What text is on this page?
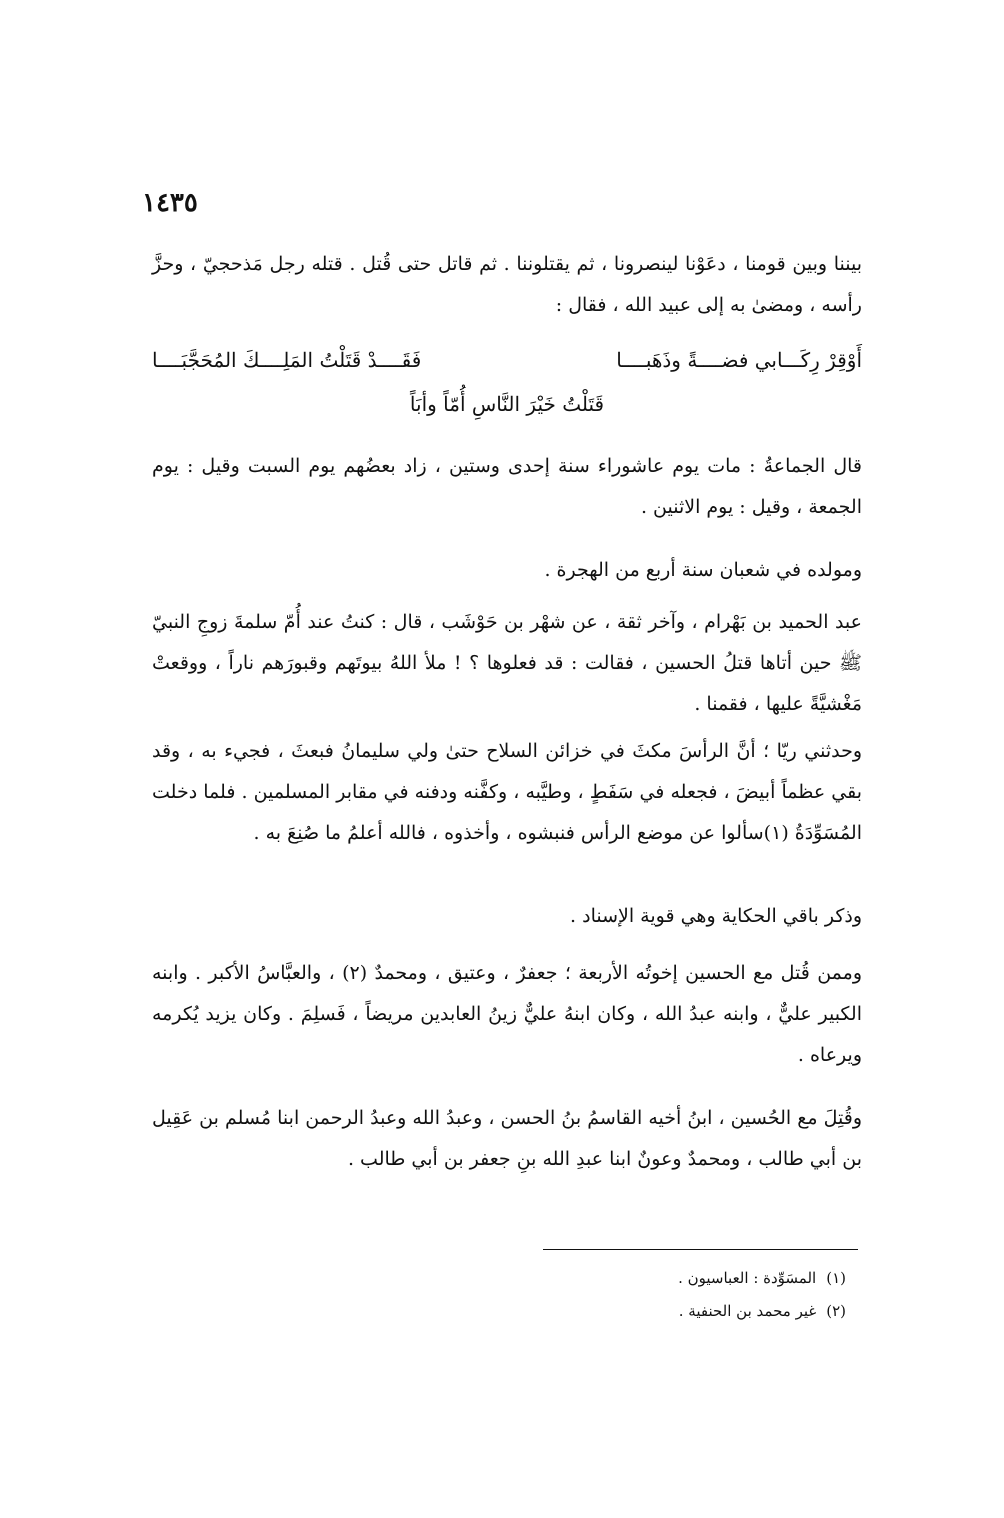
١٤٣٥

بيننا وبين قومنا ، دعَوْنا لينصرونا ، ثم يقتلوننا . ثم قاتل حتى قُتل . قتله رجل مَذحجيّ ، وحزَّ رأسه ، ومضىٰ به إلى عبيد الله ، فقال :

أَوْقِرْ رِكَـــابي فضــــةً وذَهَبــــا
فَقَــــدْ قَتَلْتُ المَلِــــكَ المُحَجَّبَــــا
قَتَلْتُ خَيْرَ النَّاسِ أُمّاً وأبَاً

قال الجماعةُ : مات يوم عاشوراء سنة إحدى وستين ، زاد بعضُهم يوم السبت وقيل : يوم الجمعة ، وقيل : يوم الاثنين .

ومولده في شعبان سنة أربع من الهجرة .

عبد الحميد بن بَهْرام ، وآخر ثقة ، عن شهْر بن حَوْشَب ، قال : كنتُ عند أُمّ سلمةَ زوجِ النبيّ ﷺ حين أتاها قتلُ الحسين ، فقالت : قد فعلوها ؟ ! ملأ اللهُ بيوتَهم وقبورَهم ناراً ، ووقعتْ مَغْشيَّةً عليها ، فقمنا .

وحدثني ريّا ؛ أنَّ الرأسَ مكثَ في خزائن السلاح حتىٰ ولي سليمانُ فبعثَ ، فجيء به ، وقد بقي عظماً أبيضَ ، فجعله في سَفَطٍ ، وطيَّبه ، وكفَّنه ودفنه في مقابر المسلمين . فلما دخلت المُسَوِّدَةُ (١)سألوا عن موضع الرأس فنبشوه ، وأخذوه ، فالله أعلمُ ما صُنِعَ به .

وذكر باقي الحكاية وهي قوية الإسناد .

وممن قُتل مع الحسين إخوتُه الأربعة ؛ جعفرٌ ، وعتيق ، ومحمدٌ (٢) ، والعبَّاسُ الأكبر . وابنه الكبير عليٌّ ، وابنه عبدُ الله ، وكان ابنهُ عليٌّ زينُ العابدين مريضاً ، فَسلِمَ . وكان يزيد يُكرمه ويرعاه .

وقُتِلَ مع الحُسين ، ابنُ أخيه القاسمُ بنُ الحسن ، وعبدُ الله وعبدُ الرحمن ابنا مُسلم بن عَقِيل بن أبي طالب ، ومحمدٌ وعونٌ ابنا عبدِ الله بنِ جعفر بن أبي طالب .

(١)المسَوِّدة : العباسيون .
(٢)غير محمد بن الحنفية .
